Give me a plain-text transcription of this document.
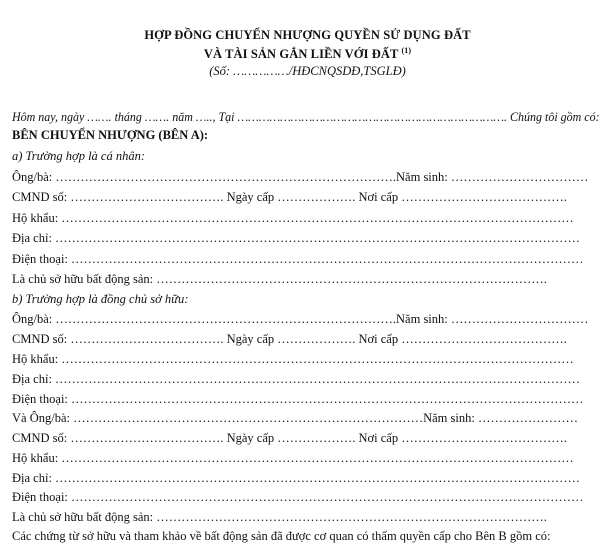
HỢP ĐỒNG CHUYỂN NHƯỢNG QUYỀN SỬ DỤNG ĐẤT
VÀ TÀI SẢN GẮN LIỀN VỚI ĐẤT $^{(1)}$
(Số: ……………/HĐCNQSDĐ,TSGLĐ)
Hôm nay, ngày ……. tháng ……. năm ….., Tại …………………………………………………………………. Chúng tôi gồm có:
BÊN CHUYỂN NHƯỢNG (BÊN A):
a) Trường hợp là cá nhân:
Ông/bà: ……………………………………………………………………….Năm sinh: ……………………………
CMND số: ………………………………. Ngày cấp ………………. Nơi cấp ………………………………….
Hộ khẩu: ……………………………………………………………………………………………………………
Địa chỉ: ………………………………………………………………………………………………………………
Điện thoại: ……………………………………………………………………………………………………………
Là chủ sở hữu bất động sản: ………………………………………………………………………………….
b) Trường hợp là đồng chủ sở hữu:
Ông/bà: ……………………………………………………………………….Năm sinh: ……………………………
CMND số: ………………………………. Ngày cấp ………………. Nơi cấp ………………………………….
Hộ khẩu: ……………………………………………………………………………………………………………
Địa chỉ: ………………………………………………………………………………………………………………
Điện thoại: ……………………………………………………………………………………………………………
Và Ông/bà: …………………………………………………………………………Năm sinh: ……………………
CMND số: ………………………………. Ngày cấp ………………. Nơi cấp ………………………………….
Hộ khẩu: ……………………………………………………………………………………………………………
Địa chỉ: ………………………………………………………………………………………………………………
Điện thoại: ……………………………………………………………………………………………………………
Là chủ sở hữu bất động sản: ………………………………………………………………………………….
Các chứng từ sở hữu và tham khảo về bất động sản đã được cơ quan có thẩm quyền cấp cho Bên B gồm có:
